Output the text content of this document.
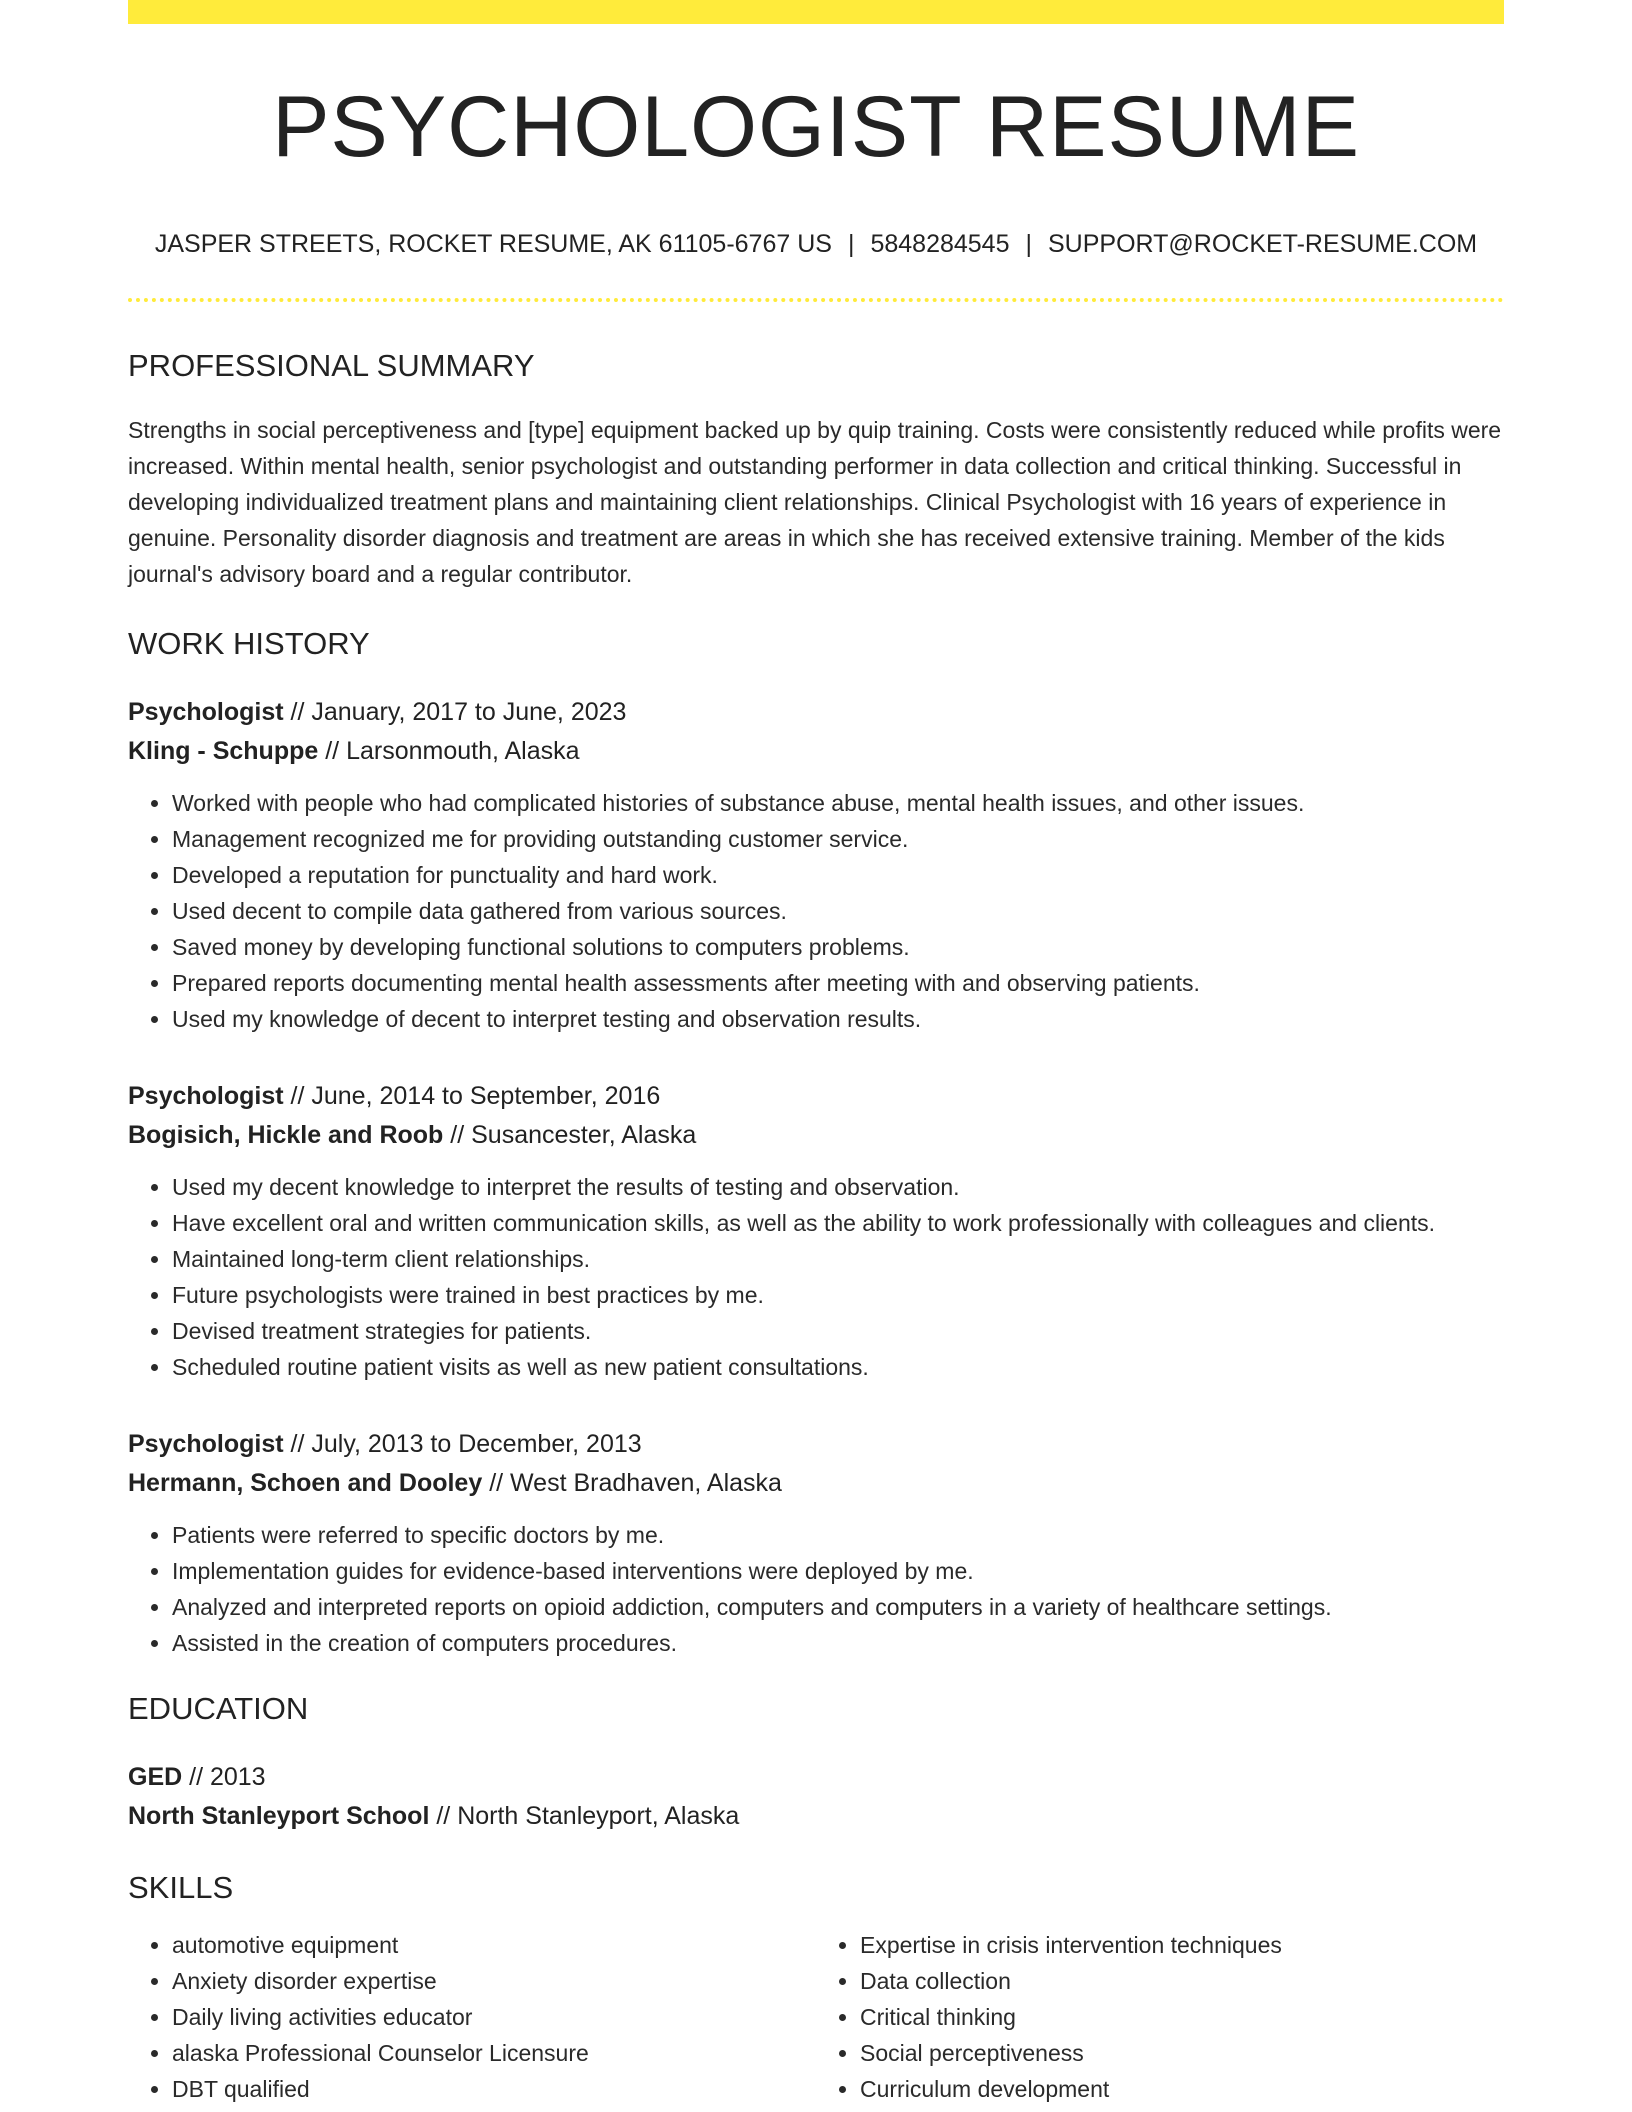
PSYCHOLOGIST RESUME
JASPER STREETS, ROCKET RESUME, AK 61105-6767 US | 5848284545 | SUPPORT@ROCKET-RESUME.COM
PROFESSIONAL SUMMARY

Strengths in social perceptiveness and [type] equipment backed up by quip training. Costs were consistently reduced while profits were increased. Within mental health, senior psychologist and outstanding performer in data collection and critical thinking. Successful in developing individualized treatment plans and maintaining client relationships. Clinical Psychologist with 16 years of experience in genuine. Personality disorder diagnosis and treatment are areas in which she has received extensive training. Member of the kids journal's advisory board and a regular contributor.

WORK HISTORY
Psychologist // January, 2017 to June, 2023
Kling - Schuppe // Larsonmouth, Alaska
• Worked with people who had complicated histories of substance abuse, mental health issues, and other issues.
• Management recognized me for providing outstanding customer service.
• Developed a reputation for punctuality and hard work.
• Used decent to compile data gathered from various sources.
• Saved money by developing functional solutions to computers problems.
• Prepared reports documenting mental health assessments after meeting with and observing patients.
• Used my knowledge of decent to interpret testing and observation results.
Psychologist // June, 2014 to September, 2016
Bogisich, Hickle and Roob // Susancester, Alaska
• Used my decent knowledge to interpret the results of testing and observation.
• Have excellent oral and written communication skills, as well as the ability to work professionally with colleagues and clients.
• Maintained long-term client relationships.
• Future psychologists were trained in best practices by me.
• Devised treatment strategies for patients.
• Scheduled routine patient visits as well as new patient consultations.
Psychologist // July, 2013 to December, 2013
Hermann, Schoen and Dooley // West Bradhaven, Alaska
• Patients were referred to specific doctors by me.
• Implementation guides for evidence-based interventions were deployed by me.
• Analyzed and interpreted reports on opioid addiction, computers and computers in a variety of healthcare settings.
• Assisted in the creation of computers procedures.
EDUCATION
GED // 2013
North Stanleyport School // North Stanleyport, Alaska
SKILLS
• automotive equipment
• Anxiety disorder expertise
• Daily living activities educator
• alaska Professional Counselor Licensure
• DBT qualified
• Expertise in crisis intervention techniques
• Data collection
• Critical thinking
• Social perceptiveness
• Curriculum development
